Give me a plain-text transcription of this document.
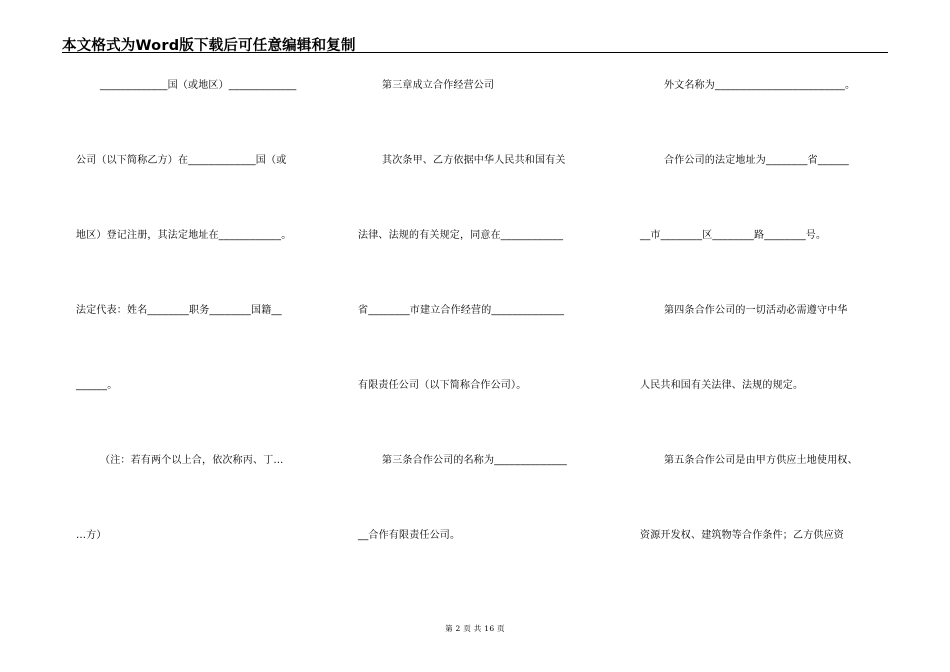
本文格式为Word版下载后可任意编辑和复制
_____________国（或地区）_____________
公司（以下简称乙方）在_____________国（或
地区）登记注册，其法定地址在____________。
法定代表：姓名________职务________国籍__
______。
（注：若有两个以上合，依次称丙、丁…
…方）
第三章成立合作经营公司
其次条甲、乙方依据中华人民共和国有关
法律、法规的有关规定，同意在____________
省________市建立合作经营的______________
有限责任公司（以下简称合作公司）。
第三条合作公司的名称为______________
__合作有限责任公司。
外文名称为_________________________。
合作公司的法定地址为________省______
__市________区________路________号。
第四条合作公司的一切活动必需遵守中华
人民共和国有关法律、法规的规定。
第五条合作公司是由甲方供应土地使用权、
资源开发权、建筑物等合作条件；乙方供应资
第 2 页 共 16 页
